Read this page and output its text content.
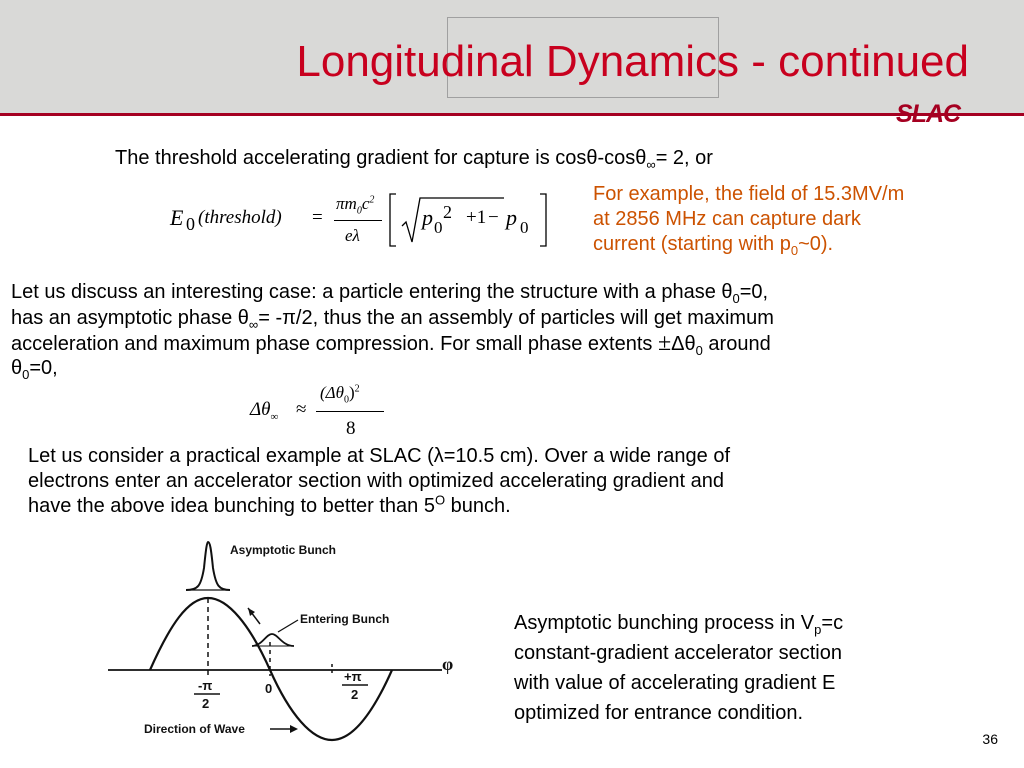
Longitudinal Dynamics - continued
SLAC

The threshold accelerating gradient for capture is cosθ-cosθ$_\infty$= 2, or

E 0 (threshold) =
$\pi m_0c^2$
eλ
p 0
2 +1 − p 0

For example, the field of 15.3MV/m

at 2856 MHz can capture dark

current (starting with $p_0\sim 0$).

Let us discuss an interesting case: a particle entering the structure with a phase $\theta_0=0$,

has an asymptotic phase $\theta_\infty= -\pi/2$, thus the an assembly of particles will get maximum

acceleration and maximum phase compression. For small phase extents $\pm\Delta\theta_0$ around

$\theta_0=0$,

$\Delta\theta_\infty$ ≈
$(\Delta\theta_0)^2$
8

Let us consider a practical example at SLAC (λ=10.5 cm). Over a wide range of

electrons enter an accelerator section with optimized accelerating gradient and

have the above idea bunching to better than $5^O$ bunch.

Asymptotic Bunch
Entering Bunch
φ
-π
2
0
+π
2
Direction of Wave

Asymptotic bunching process in $V_p=c$

constant-gradient accelerator section

with value of accelerating gradient E

optimized for entrance condition.

36
